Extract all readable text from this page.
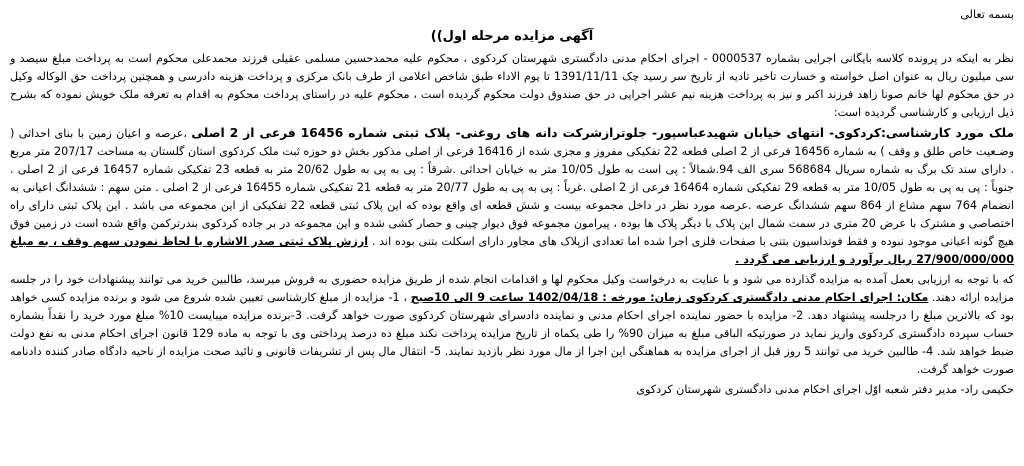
بسمه تعالی
آگهی مزایده مرحله اول))

نظر به اینکه در پرونده کلاسه بایگانی اجرایی بشماره 0000537 - اجرای احکام مدنی دادگستری شهرستان کردکوی ، محکوم علیه محمدحسین مسلمی عقیلی فرزند محمدعلی محکوم است به پرداخت مبلغ سیصد و سی میلیون ریال به عنوان اصل خواسته و خسارت تاخیر تادیه از تاریخ سر رسید چک 1391/11/11 تا یوم الاداء طبق شاخص اعلامی از طرف بانک مرکزی و پرداخت هزینه دادرسی و همچنین پرداخت حق الوکاله وکیل در حق محکوم لها خانم صونا زاهد فرزند اکبر و نیز به پرداخت هزینه نیم عشر اجرایی در حق صندوق دولت محکوم گردیده است ، محکوم علیه در راستای پرداخت محکوم به اقدام به تعرفه ملک خویش نموده که بشرح ذیل ارزیابی و کارشناسی گردیده است:

ملک مورد کارشناسی:کردکوی- انتهای خیابان شهیدعباسپور- جلوترازشرکت دانه های روغنی- پلاک ثبتی شماره 16456 فرعی از 2 اصلی ،عرصه و اعیان زمین با بنای احداثی ( وضـعیت خاص طلق و وقف ) به شماره 16456 فرعی از 2 اصلی قطعه 22 تفکیکی مفروز و مجزی شده از 16416 فرعی از اصلی مذکور بخش دو حوزه ثبت ملک کردکوی استان گلستان به مساحت 207/17 متر مربع . دارای سند تک برگ به شماره سریال 568684 سری الف 94.شمالاً : پی است به طول 10/05 متر به خیابان احداثی .شرقاً : پی به پی به طول 20/62 متر به قطعه 23 تفکیکی شماره 16457 فرعی از 2 اصلی . جنوباً : پی به پی به طول 10/05 متر به قطعه 29 تفکیکی شماره 16464 فرعی از 2 اصلی .غرباً : پی به پی به طول 20/77 متر به قطعه 21 تفکیکی شماره 16455 فرعی از 2 اصلی . متن سهم : ششدانگ اعیانی به انضمام 764 سهم مشاع از 864 سهم ششدانگ عرصه .عرصه مورد نظر در داخل مجموعه بیست و شش قطعه ای واقع بوده که این پلاک ثبتی قطعه 22 تفکیکی از این مجموعه می باشد . این پلاک ثبتی دارای راه اختصاصی و مشترک با عرض 20 متری در سمت شمال این پلاک با دیگر پلاک ها بوده ، پیرامون مجموعه فوق دیوار چینی و حصار کشی شده و این مجموعه در بر جاده کردکوی بندرترکمن واقع شده است در زمین فوق هیچ گونه اعیانی موجود نبوده و فقط فونداسیون بتنی با صفحات فلزی اجرا شده اما تعدادی ازپلاک های مجاور دارای اسکلت بتنی بوده اند . ارزش پلاک ثبتی صدر الاشاره با لحاظ نمودن سهم وقف ، به مبلغ 27/900/000/000 ریال برآورد و ارزیابی می گردد .

که با توجه به ارزیابی بعمل آمده به مزایده گذارده می شود و با عنایت به درخواست وکیل محکوم لها و اقدامات انجام شده از طریق مزایده حضوری به فروش میرسد، طالبین خرید می توانند پیشنهادات خود را در جلسه مزایده ارائه دهند. مکان: اجرای احکام مدنی دادگستری کردکوی زمان: مورخه : 1402/04/18 ساعت 9 الی 10صبح ، 1- مزایده از مبلغ کارشناسی تعیین شده شروع می شود و برنده مزایده کسی خواهد بود که بالاترین مبلغ را درجلسه پیشنهاد دهد. 2- مزایده با حضور نماینده اجرای احکام مدنی و نماینده دادسرای شهرستان کردکوی صورت خواهد گرفت. 3-برنده مزایده میبایست 10% مبلغ مورد خرید را نقداً بشماره حساب سپرده دادگستری کردکوی واریز نماید در صورتیکه الباقی مبلغ به میزان 90% را طی یکماه از تاریخ مزایده پرداخت نکند مبلغ ده درصد پرداختی وی با توجه به ماده 129 قانون اجرای احکام مدنی به نفع دولت ضبط خواهد شد. 4- طالبین خرید می توانند 5 روز قبل از اجرای مزایده به هماهنگی این اجرا از مال مورد نظر بازدید نمایند. 5- انتقال مال پس از تشریفات قانونی و تائید صحت مزایده از ناحیه دادگاه صادر کننده دادنامه صورت خواهد گرفت.

حکیمی راد- مدیر دفتر شعبه اوّل اجرای احکام مدنی دادگستری شهرستان کردکوی
